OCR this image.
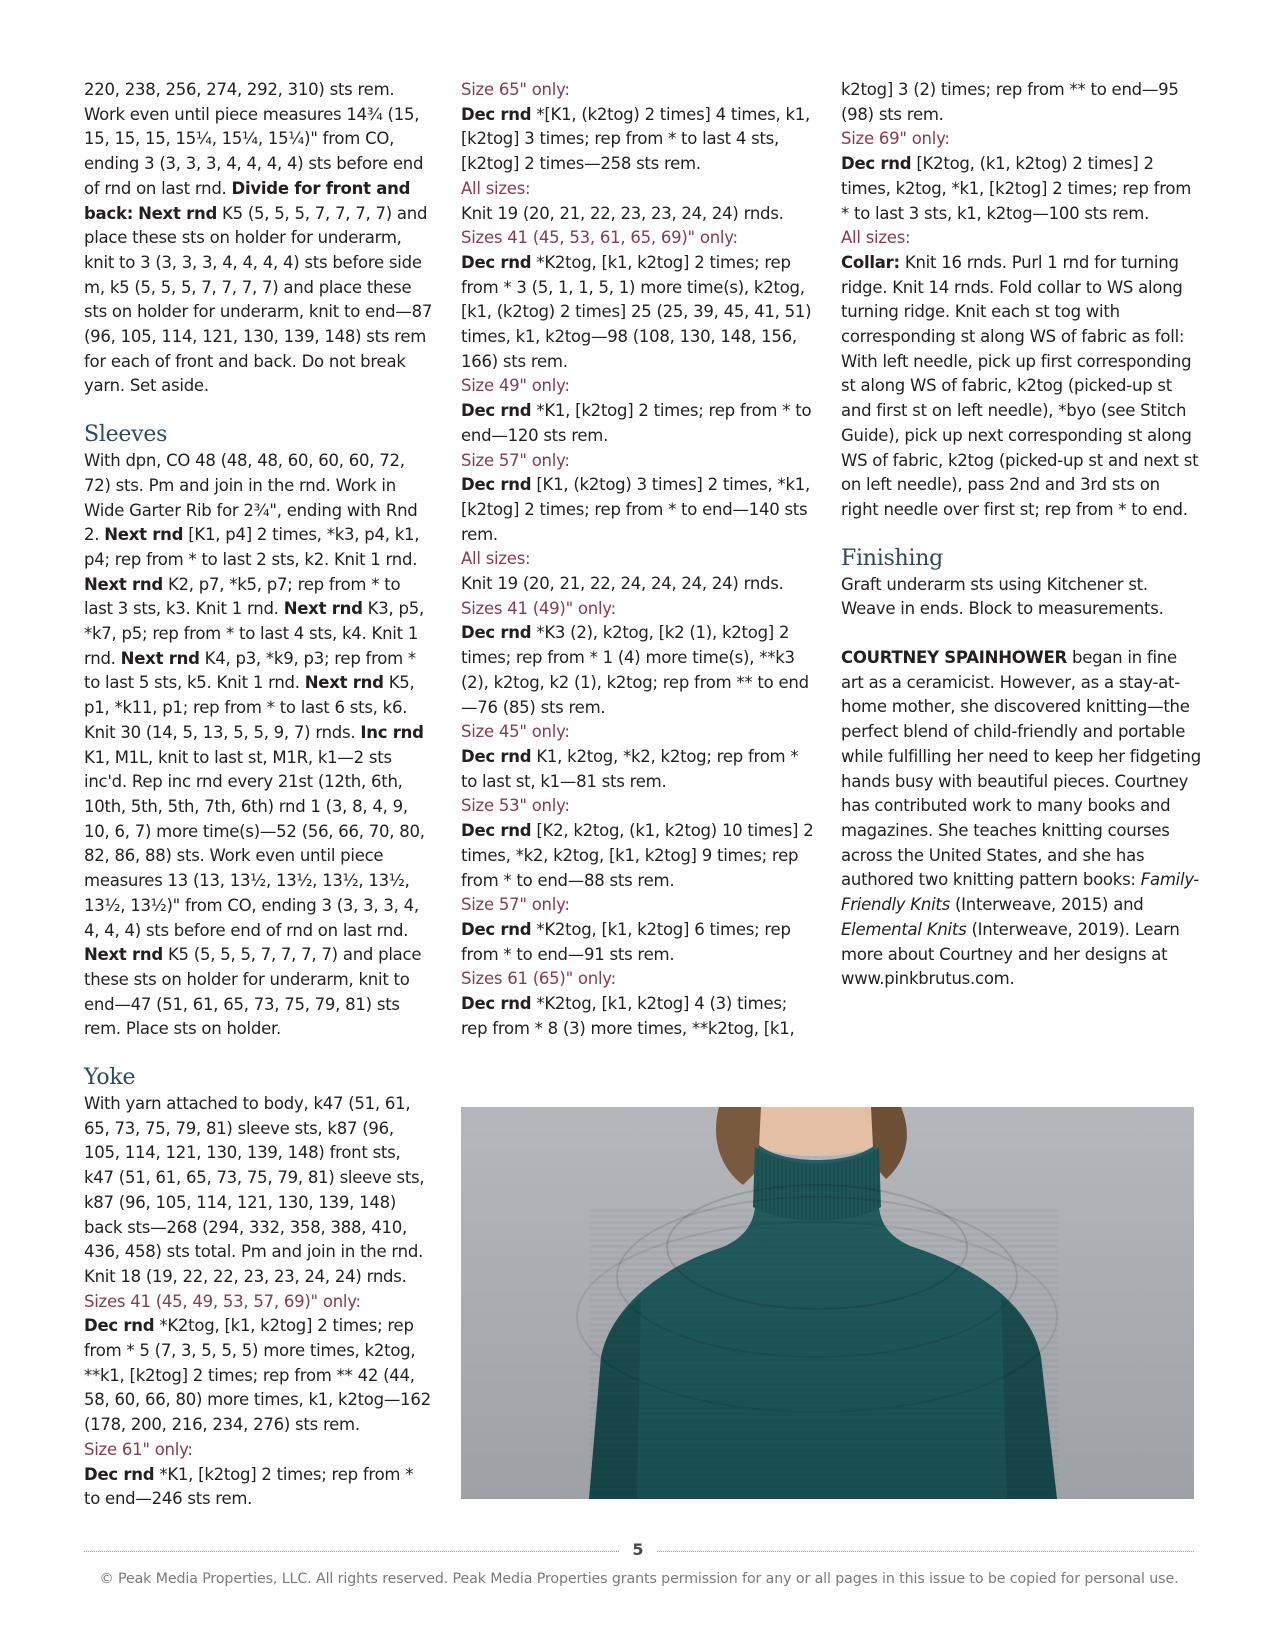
220, 238, 256, 274, 292, 310) sts rem. Work even until piece measures 14¾ (15, 15, 15, 15, 15¼, 15¼, 15¼)" from CO, ending 3 (3, 3, 3, 4, 4, 4, 4) sts before end of rnd on last rnd. Divide for front and back: Next rnd K5 (5, 5, 5, 7, 7, 7, 7) and place these sts on holder for underarm, knit to 3 (3, 3, 3, 4, 4, 4, 4) sts before side m, k5 (5, 5, 5, 7, 7, 7, 7) and place these sts on holder for underarm, knit to end—87 (96, 105, 114, 121, 130, 139, 148) sts rem for each of front and back. Do not break yarn. Set aside.

Sleeves

With dpn, CO 48 (48, 48, 60, 60, 60, 72, 72) sts. Pm and join in the rnd. Work in Wide Garter Rib for 2¾", ending with Rnd 2. Next rnd [K1, p4] 2 times, *k3, p4, k1, p4; rep from * to last 2 sts, k2. Knit 1 rnd. Next rnd K2, p7, *k5, p7; rep from * to last 3 sts, k3. Knit 1 rnd. Next rnd K3, p5, *k7, p5; rep from * to last 4 sts, k4. Knit 1 rnd. Next rnd K4, p3, *k9, p3; rep from * to last 5 sts, k5. Knit 1 rnd. Next rnd K5, p1, *k11, p1; rep from * to last 6 sts, k6. Knit 30 (14, 5, 13, 5, 5, 9, 7) rnds. Inc rnd K1, M1L, knit to last st, M1R, k1—2 sts inc'd. Rep inc rnd every 21st (12th, 6th, 10th, 5th, 5th, 7th, 6th) rnd 1 (3, 8, 4, 9, 10, 6, 7) more time(s)—52 (56, 66, 70, 80, 82, 86, 88) sts. Work even until piece measures 13 (13, 13½, 13½, 13½, 13½, 13½, 13½)" from CO, ending 3 (3, 3, 3, 4, 4, 4, 4) sts before end of rnd on last rnd. Next rnd K5 (5, 5, 5, 7, 7, 7, 7) and place these sts on holder for underarm, knit to end—47 (51, 61, 65, 73, 75, 79, 81) sts rem. Place sts on holder.

Yoke

With yarn attached to body, k47 (51, 61, 65, 73, 75, 79, 81) sleeve sts, k87 (96, 105, 114, 121, 130, 139, 148) front sts, k47 (51, 61, 65, 73, 75, 79, 81) sleeve sts, k87 (96, 105, 114, 121, 130, 139, 148) back sts—268 (294, 332, 358, 388, 410, 436, 458) sts total. Pm and join in the rnd. Knit 18 (19, 22, 22, 23, 23, 24, 24) rnds.

Sizes 41 (45, 49, 53, 57, 69)" only:

Dec rnd *K2tog, [k1, k2tog] 2 times; rep from * 5 (7, 3, 5, 5, 5) more times, k2tog, **k1, [k2tog] 2 times; rep from ** 42 (44, 58, 60, 66, 80) more times, k1, k2tog—162 (178, 200, 216, 234, 276) sts rem.

Size 61" only:

Dec rnd *K1, [k2tog] 2 times; rep from * to end—246 sts rem.

Size 65" only:

Dec rnd *[K1, (k2tog) 2 times] 4 times, k1, [k2tog] 3 times; rep from * to last 4 sts, [k2tog] 2 times—258 sts rem.

All sizes:

Knit 19 (20, 21, 22, 23, 23, 24, 24) rnds.

Sizes 41 (45, 53, 61, 65, 69)" only:

Dec rnd *K2tog, [k1, k2tog] 2 times; rep from * 3 (5, 1, 1, 5, 1) more time(s), k2tog, [k1, (k2tog) 2 times] 25 (25, 39, 45, 41, 51) times, k1, k2tog—98 (108, 130, 148, 156, 166) sts rem.

Size 49" only:

Dec rnd *K1, [k2tog] 2 times; rep from * to end—120 sts rem.

Size 57" only:

Dec rnd [K1, (k2tog) 3 times] 2 times, *k1, [k2tog] 2 times; rep from * to end—140 sts rem.

All sizes:

Knit 19 (20, 21, 22, 24, 24, 24, 24) rnds.

Sizes 41 (49)" only:

Dec rnd *K3 (2), k2tog, [k2 (1), k2tog] 2 times; rep from * 1 (4) more time(s), **k3 (2), k2tog, k2 (1), k2tog; rep from ** to end—76 (85) sts rem.

Size 45" only:

Dec rnd K1, k2tog, *k2, k2tog; rep from * to last st, k1—81 sts rem.

Size 53" only:

Dec rnd [K2, k2tog, (k1, k2tog) 10 times] 2 times, *k2, k2tog, [k1, k2tog] 9 times; rep from * to end—88 sts rem.

Size 57" only:

Dec rnd *K2tog, [k1, k2tog] 6 times; rep from * to end—91 sts rem.

Sizes 61 (65)" only:

Dec rnd *K2tog, [k1, k2tog] 4 (3) times; rep from * 8 (3) more times, **k2tog, [k1,

k2tog] 3 (2) times; rep from ** to end—95 (98) sts rem.

Size 69" only:

Dec rnd [K2tog, (k1, k2tog) 2 times] 2 times, k2tog, *k1, [k2tog] 2 times; rep from * to last 3 sts, k1, k2tog—100 sts rem.

All sizes:

Collar: Knit 16 rnds. Purl 1 rnd for turning ridge. Knit 14 rnds. Fold collar to WS along turning ridge. Knit each st tog with corresponding st along WS of fabric as foll: With left needle, pick up first corresponding st along WS of fabric, k2tog (picked-up st and first st on left needle), *byo (see Stitch Guide), pick up next corresponding st along WS of fabric, k2tog (picked-up st and next st on left needle), pass 2nd and 3rd sts on right needle over first st; rep from * to end.

Finishing

Graft underarm sts using Kitchener st. Weave in ends. Block to measurements.

COURTNEY SPAINHOWER began in fine art as a ceramicist. However, as a stay-at-home mother, she discovered knitting—the perfect blend of child-friendly and portable while fulfilling her need to keep her fidgeting hands busy with beautiful pieces. Courtney has contributed work to many books and magazines. She teaches knitting courses across the United States, and she has authored two knitting pattern books: Family-Friendly Knits (Interweave, 2015) and Elemental Knits (Interweave, 2019). Learn more about Courtney and her designs at www.pinkbrutus.com.

5
© Peak Media Properties, LLC. All rights reserved. Peak Media Properties grants permission for any or all pages in this issue to be copied for personal use.
